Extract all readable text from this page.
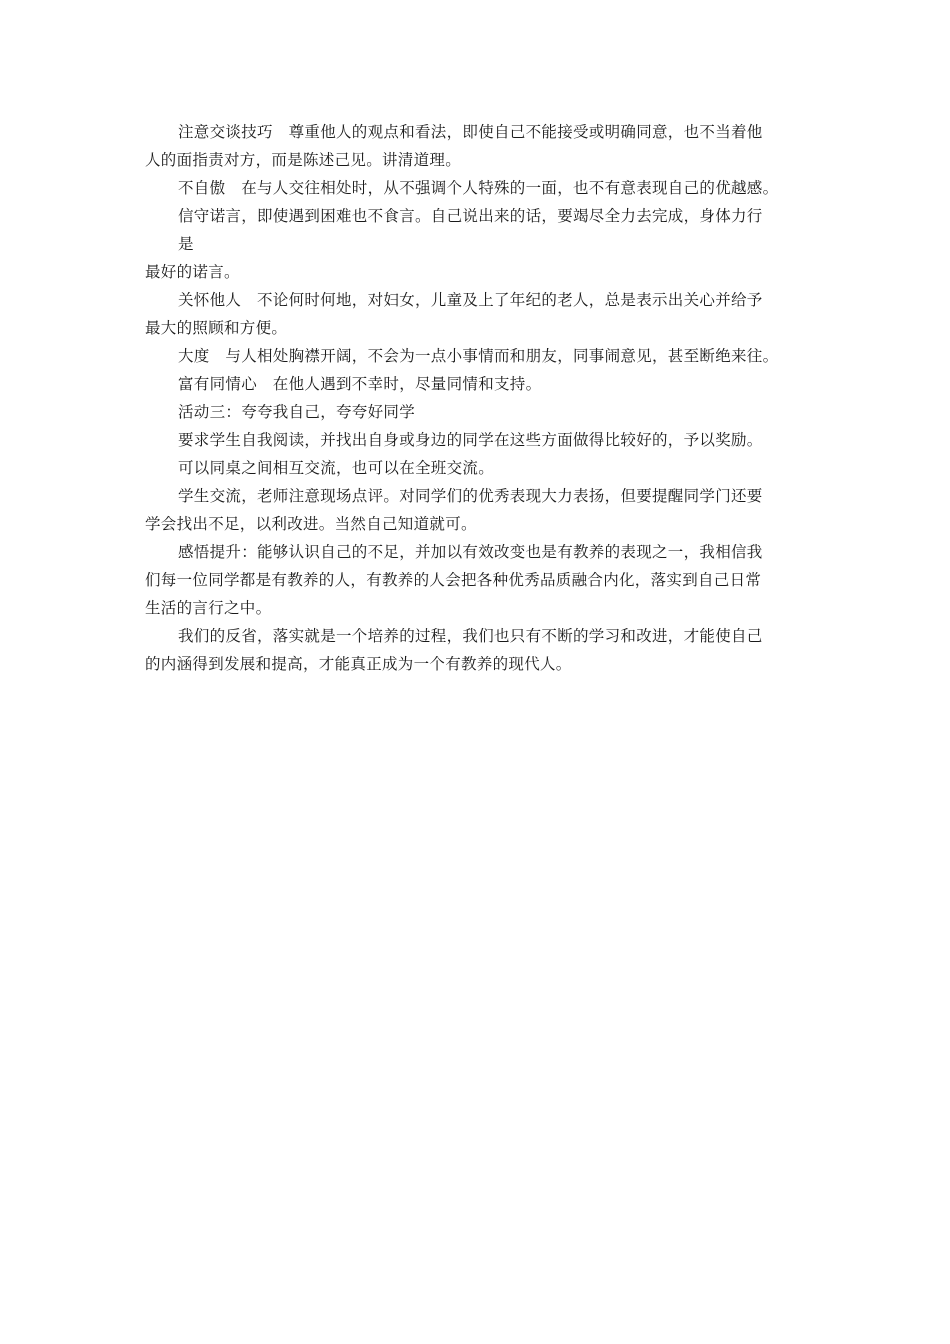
注意交谈技巧　尊重他人的观点和看法，即使自己不能接受或明确同意，也不当着他
人的面指责对方，而是陈述己见。讲清道理。
不自傲　在与人交往相处时，从不强调个人特殊的一面，也不有意表现自己的优越感。
信守诺言，即使遇到困难也不食言。自己说出来的话，要竭尽全力去完成，身体力行
是
最好的诺言。
关怀他人　不论何时何地，对妇女，儿童及上了年纪的老人，总是表示出关心并给予
最大的照顾和方便。
大度　与人相处胸襟开阔，不会为一点小事情而和朋友，同事闹意见，甚至断绝来往。
富有同情心　在他人遇到不幸时，尽量同情和支持。
活动三：夸夸我自己，夸夸好同学
要求学生自我阅读，并找出自身或身边的同学在这些方面做得比较好的，予以奖励。
可以同桌之间相互交流，也可以在全班交流。
学生交流，老师注意现场点评。对同学们的优秀表现大力表扬，但要提醒同学门还要
学会找出不足，以利改进。当然自己知道就可。
感悟提升：能够认识自己的不足，并加以有效改变也是有教养的表现之一，我相信我
们每一位同学都是有教养的人，有教养的人会把各种优秀品质融合内化，落实到自己日常
生活的言行之中。
我们的反省，落实就是一个培养的过程，我们也只有不断的学习和改进，才能使自己
的内涵得到发展和提高，才能真正成为一个有教养的现代人。
